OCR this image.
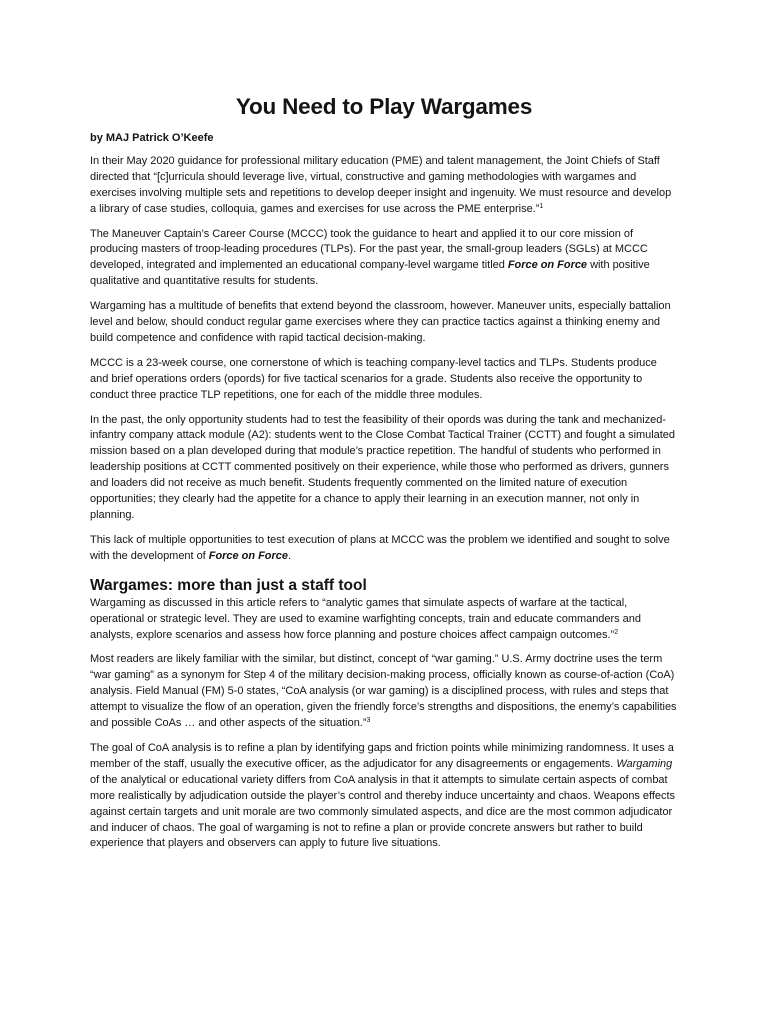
You Need to Play Wargames
by MAJ Patrick O’Keefe

In their May 2020 guidance for professional military education (PME) and talent management, the Joint Chiefs of Staff directed that “[c]urricula should leverage live, virtual, constructive and gaming methodologies with wargames and exercises involving multiple sets and repetitions to develop deeper insight and ingenuity. We must resource and develop a library of case studies, colloquia, games and exercises for use across the PME enterprise.”$^1$

The Maneuver Captain’s Career Course (MCCC) took the guidance to heart and applied it to our core mission of producing masters of troop-leading procedures (TLPs). For the past year, the small-group leaders (SGLs) at MCCC developed, integrated and implemented an educational company-level wargame titled Force on Force with positive qualitative and quantitative results for students.

Wargaming has a multitude of benefits that extend beyond the classroom, however. Maneuver units, especially battalion level and below, should conduct regular game exercises where they can practice tactics against a thinking enemy and build competence and confidence with rapid tactical decision-making.

MCCC is a 23-week course, one cornerstone of which is teaching company-level tactics and TLPs. Students produce and brief operations orders (opords) for five tactical scenarios for a grade. Students also receive the opportunity to conduct three practice TLP repetitions, one for each of the middle three modules.

In the past, the only opportunity students had to test the feasibility of their opords was during the tank and mechanized-infantry company attack module (A2): students went to the Close Combat Tactical Trainer (CCTT) and fought a simulated mission based on a plan developed during that module’s practice repetition. The handful of students who performed in leadership positions at CCTT commented positively on their experience, while those who performed as drivers, gunners and loaders did not receive as much benefit. Students frequently commented on the limited nature of execution opportunities; they clearly had the appetite for a chance to apply their learning in an execution manner, not only in planning.

This lack of multiple opportunities to test execution of plans at MCCC was the problem we identified and sought to solve with the development of Force on Force.

Wargames: more than just a staff tool

Wargaming as discussed in this article refers to “analytic games that simulate aspects of warfare at the tactical, operational or strategic level. They are used to examine warfighting concepts, train and educate commanders and analysts, explore scenarios and assess how force planning and posture choices affect campaign outcomes.”$^2$

Most readers are likely familiar with the similar, but distinct, concept of “war gaming.” U.S. Army doctrine uses the term “war gaming” as a synonym for Step 4 of the military decision-making process, officially known as course-of-action (CoA) analysis. Field Manual (FM) 5-0 states, “CoA analysis (or war gaming) is a disciplined process, with rules and steps that attempt to visualize the flow of an operation, given the friendly force’s strengths and dispositions, the enemy’s capabilities and possible CoAs … and other aspects of the situation.”$^3$

The goal of CoA analysis is to refine a plan by identifying gaps and friction points while minimizing randomness. It uses a member of the staff, usually the executive officer, as the adjudicator for any disagreements or engagements. Wargaming of the analytical or educational variety differs from CoA analysis in that it attempts to simulate certain aspects of combat more realistically by adjudication outside the player’s control and thereby induce uncertainty and chaos. Weapons effects against certain targets and unit morale are two commonly simulated aspects, and dice are the most common adjudicator and inducer of chaos. The goal of wargaming is not to refine a plan or provide concrete answers but rather to build experience that players and observers can apply to future live situations.
